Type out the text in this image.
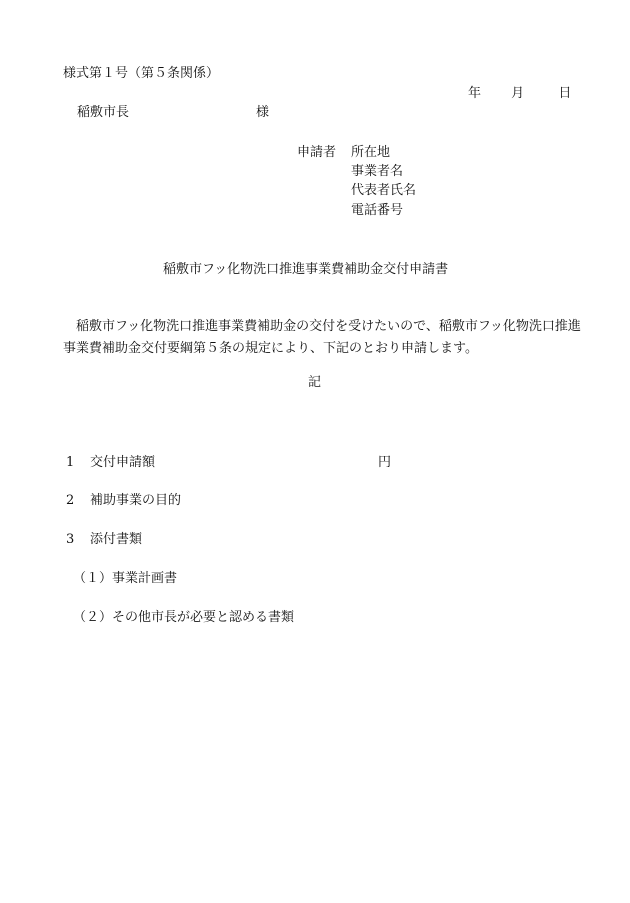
様式第１号（第５条関係）
年 月	日
稲敷市長	様
申請者 所在地
事業者名
代表者氏名
電話番号
稲敷市フッ化物洗口推進事業費補助金交付申請書
稲敷市フッ化物洗口推進事業費補助金の交付を受けたいので、稲敷市フッ化物洗口推進事業費補助金交付要綱第５条の規定により、下記のとおり申請します。
記
1 交付申請額	円
2 補助事業の目的
3 添付書類
（１）事業計画書
（２）その他市長が必要と認める書類
